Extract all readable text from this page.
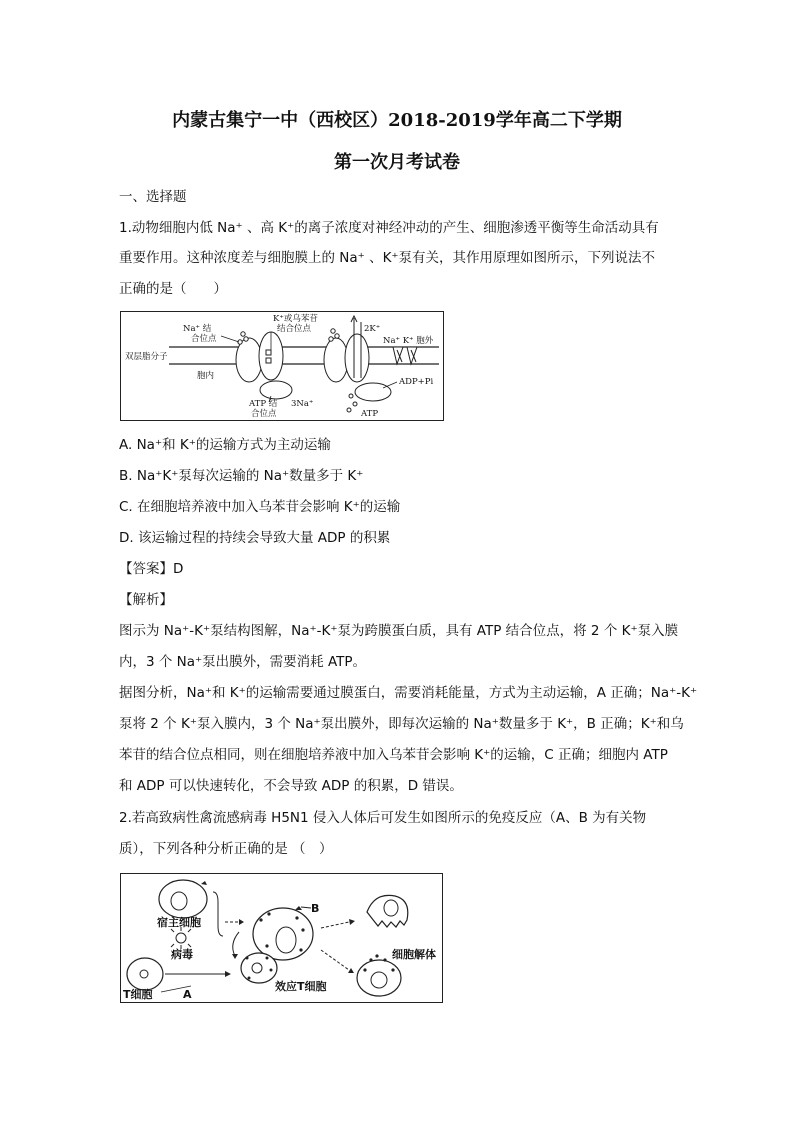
内蒙古集宁一中（西校区）2018-2019学年高二下学期
第一次月考试卷
一、选择题
1.动物细胞内低 Na⁺ 、高 K⁺的离子浓度对神经冲动的产生、细胞渗透平衡等生命活动具有
重要作用。这种浓度差与细胞膜上的 Na⁺ 、K⁺泵有关，其作用原理如图所示，下列说法不
正确的是（　　）
Na⁺ 结 合位点
K⁺或乌苯苷 结合位点	2K⁺
双层脂分子
Na⁺ K⁺ 胞外
胞内
ADP+Pi
ATP 结 合位点
3Na⁺
ATP
A. Na⁺和 K⁺的运输方式为主动运输
B. Na⁺K⁺泵每次运输的 Na⁺数量多于 K⁺
C. 在细胞培养液中加入乌苯苷会影响 K⁺的运输
D. 该运输过程的持续会导致大量 ADP 的积累
【答案】D
【解析】
图示为 Na⁺-K⁺泵结构图解，Na⁺-K⁺泵为跨膜蛋白质，具有 ATP 结合位点，将 2 个 K⁺泵入膜
内，3 个 Na⁺泵出膜外，需要消耗 ATP。
据图分析，Na⁺和 K⁺的运输需要通过膜蛋白，需要消耗能量，方式为主动运输，A 正确；Na⁺-K⁺
泵将 2 个 K⁺泵入膜内，3 个 Na⁺泵出膜外，即每次运输的 Na⁺数量多于 K⁺，B 正确；K⁺和乌
苯苷的结合位点相同，则在细胞培养液中加入乌苯苷会影响 K⁺的运输，C 正确；细胞内 ATP
和 ADP 可以快速转化，不会导致 ADP 的积累，D 错误。
2.若高致病性禽流感病毒 H5N1 侵入人体后可发生如图所示的免疫反应（A、B 为有关物
质），下列各种分析正确的是 （　）
宿主细胞
病毒
T细胞	A
B
效应T细胞
细胞解体
